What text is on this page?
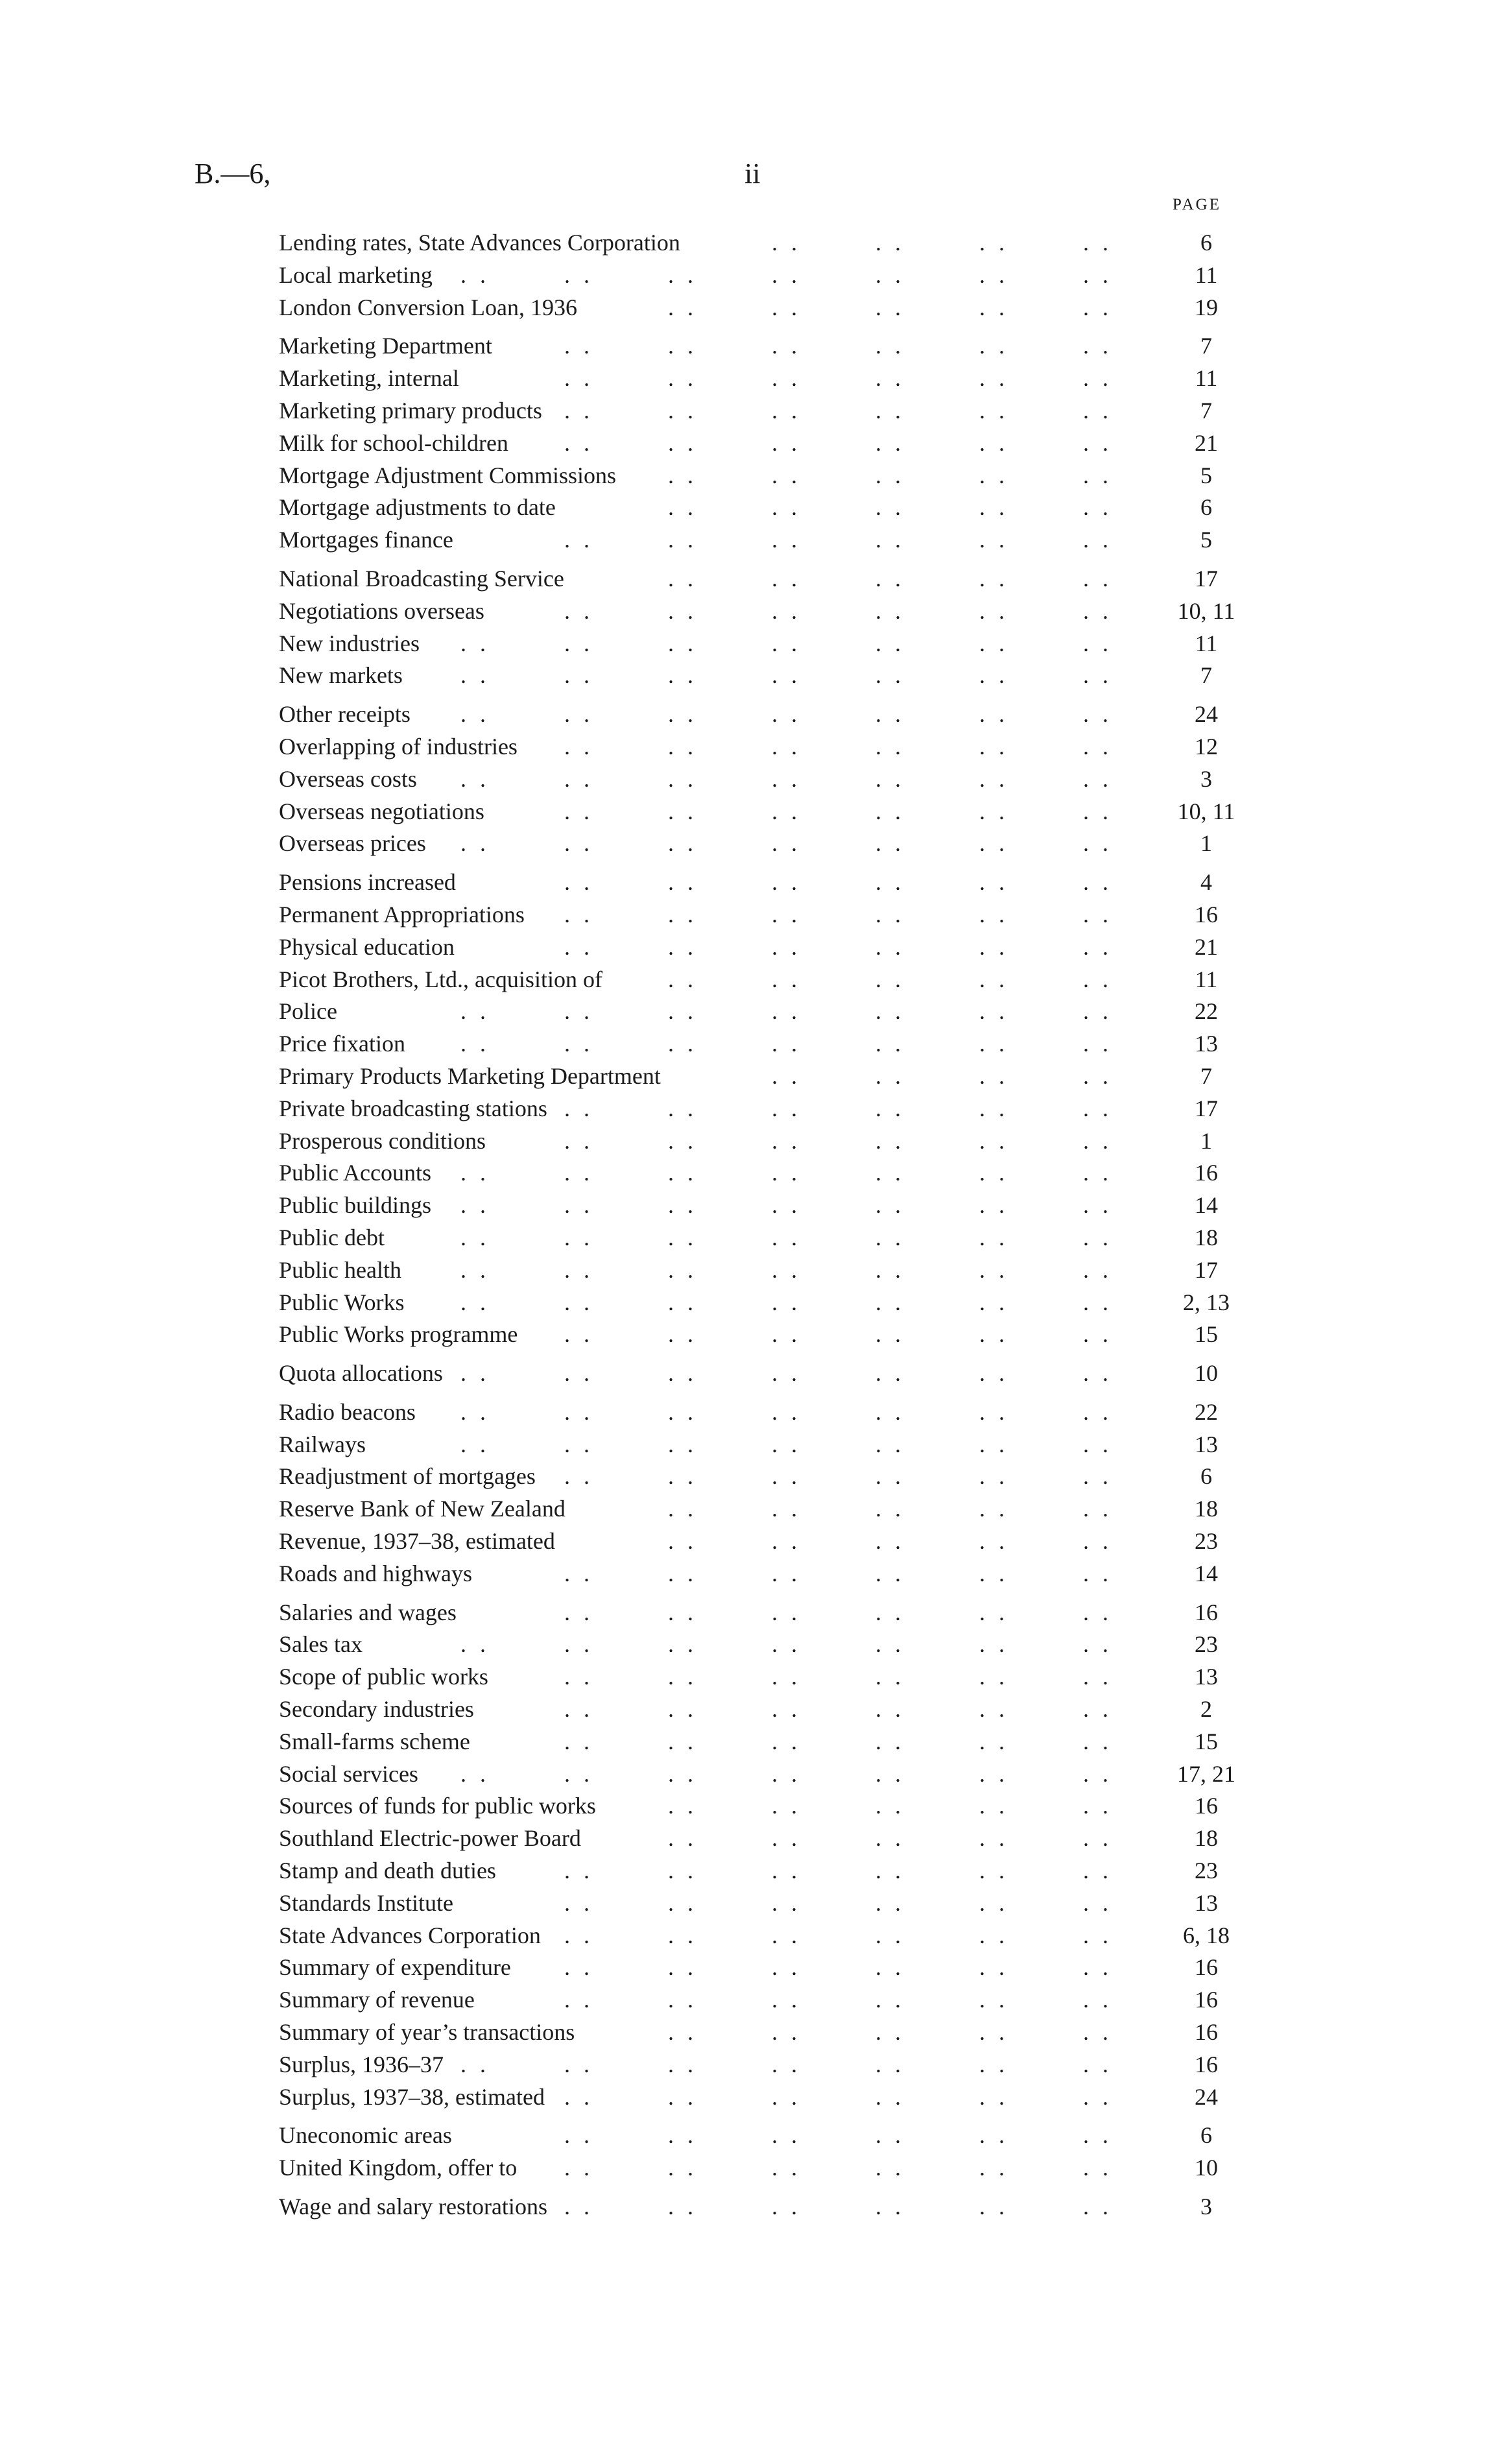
B.—6,	ii
PAGE
. .	. .	. .	. .
Lending rates, State Advances Corporation	6
. .	. .	. .	. .	. .	. .	. .
Local marketing	11
. .	. .	. .	. .	. .
London Conversion Loan, 1936	19
. .	. .	. .	. .	. .	. .
Marketing Department	7
. .	. .	. .	. .	. .	. .
Marketing, internal	11
. .	. .	. .	. .	. .	. .
Marketing primary products	7
. .	. .	. .	. .	. .	. .
Milk for school-children	21
. .	. .	. .	. .	. .
Mortgage Adjustment Commissions	5
. .	. .	. .	. .	. .
Mortgage adjustments to date	6
. .	. .	. .	. .	. .	. .
Mortgages finance	5
. .	. .	. .	. .	. .
National Broadcasting Service	17
. .	. .	. .	. .	. .	. .
Negotiations overseas	10, 11
. .	. .	. .	. .	. .	. .	. .
New industries	11
. .	. .	. .	. .	. .	. .	. .
New markets	7
. .	. .	. .	. .	. .	. .	. .
Other receipts	24
. .	. .	. .	. .	. .	. .
Overlapping of industries	12
. .	. .	. .	. .	. .	. .	. .
Overseas costs	3
. .	. .	. .	. .	. .	. .
Overseas negotiations	10, 11
. .	. .	. .	. .	. .	. .	. .
Overseas prices	1
. .	. .	. .	. .	. .	. .
Pensions increased	4
. .	. .	. .	. .	. .	. .
Permanent Appropriations	16
. .	. .	. .	. .	. .	. .
Physical education	21
. .	. .	. .	. .	. .
Picot Brothers, Ltd., acquisition of	11
. .	. .	. .	. .	. .	. .	. .
Police	22
. .	. .	. .	. .	. .	. .	. .
Price fixation	13
. .	. .	. .	. .
Primary Products Marketing Department	7
. .	. .	. .	. .	. .	. .
Private broadcasting stations	17
. .	. .	. .	. .	. .	. .
Prosperous conditions	1
. .	. .	. .	. .	. .	. .	. .
Public Accounts	16
. .	. .	. .	. .	. .	. .	. .
Public buildings	14
. .	. .	. .	. .	. .	. .	. .
Public debt	18
. .	. .	. .	. .	. .	. .	. .
Public health	17
. .	. .	. .	. .	. .	. .	. .
Public Works	2, 13
. .	. .	. .	. .	. .	. .
Public Works programme	15
. .	. .	. .	. .	. .	. .	. .
Quota allocations	10
. .	. .	. .	. .	. .	. .	. .
Radio beacons	22
. .	. .	. .	. .	. .	. .	. .
Railways	13
. .	. .	. .	. .	. .	. .
Readjustment of mortgages	6
. .	. .	. .	. .	. .
Reserve Bank of New Zealand	18
. .	. .	. .	. .	. .
Revenue, 1937–38, estimated	23
. .	. .	. .	. .	. .	. .
Roads and highways	14
. .	. .	. .	. .	. .	. .
Salaries and wages	16
. .	. .	. .	. .	. .	. .	. .
Sales tax	23
. .	. .	. .	. .	. .	. .
Scope of public works	13
. .	. .	. .	. .	. .	. .
Secondary industries	2
. .	. .	. .	. .	. .	. .
Small-farms scheme	15
. .	. .	. .	. .	. .	. .	. .
Social services	17, 21
. .	. .	. .	. .	. .
Sources of funds for public works	16
. .	. .	. .	. .	. .
Southland Electric-power Board	18
. .	. .	. .	. .	. .	. .
Stamp and death duties	23
. .	. .	. .	. .	. .	. .
Standards Institute	13
. .	. .	. .	. .	. .	. .
State Advances Corporation	6, 18
. .	. .	. .	. .	. .	. .
Summary of expenditure	16
. .	. .	. .	. .	. .	. .
Summary of revenue	16
. .	. .	. .	. .	. .
Summary of year’s transactions	16
. .	. .	. .	. .	. .	. .	. .
Surplus, 1936–37	16
. .	. .	. .	. .	. .	. .
Surplus, 1937–38, estimated	24
. .	. .	. .	. .	. .	. .
Uneconomic areas	6
. .	. .	. .	. .	. .	. .
United Kingdom, offer to	10
. .	. .	. .	. .	. .	. .
Wage and salary restorations	3
